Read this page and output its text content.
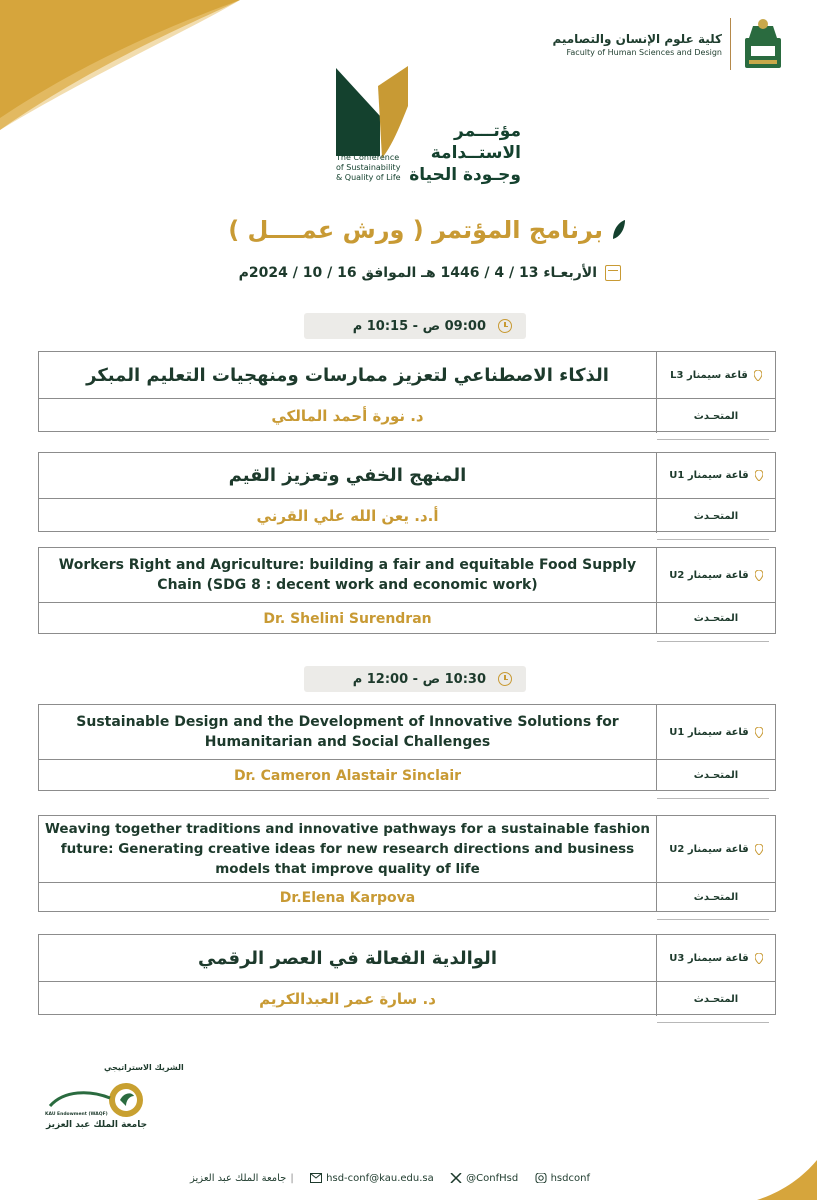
كلية علوم الإنسان والتصاميم
Faculty of Human Sciences and Design
مؤتـــمر
الاستــدامة
وجـودة الحياة
The Conference
of Sustainability
& Quality of Life
برنامج المؤتمر ( ورش عمــــل )
الأربعـاء 13 / 4 / 1446 هـ الموافق 16 / 10 / 2024م
09:00 ص - 10:15 م
قاعة سيمنار L3
الذكاء الاصطناعي لتعزيز ممارسات ومنهجيات التعليم المبكر
المتحـدث
د. نورة أحمد المالكي
قاعة سيمنار U1
المنهج الخفي وتعزيز القيم
المتحـدث
أ.د. يعن الله علي القرني
قاعة سيمنار U2
Workers Right and Agriculture: building a fair and equitable Food Supply Chain (SDG 8 : decent work and economic work)
المتحـدث
Dr. Shelini Surendran
10:30 ص - 12:00 م
قاعة سيمنار U1
Sustainable Design and the Development of Innovative Solutions for Humanitarian and Social Challenges
المتحـدث
Dr. Cameron Alastair Sinclair
قاعة سيمنار U2
Weaving together traditions and innovative pathways for a sustainable fashion future: Generating creative ideas for new research directions and business models that improve quality of life
المتحـدث
Dr.Elena Karpova
قاعة سيمنار U3
الوالدية الفعالة في العصر الرقمي
المتحـدث
د. سارة عمر العبدالكريم
الشريك الاستراتيجي
KAU Endowment (WAQF)
جامعة الملك عبد العزيز
جامعة الملك عبد العزيز |	hsd-conf@kau.edu.sa	@ConfHsd	hsdconf
